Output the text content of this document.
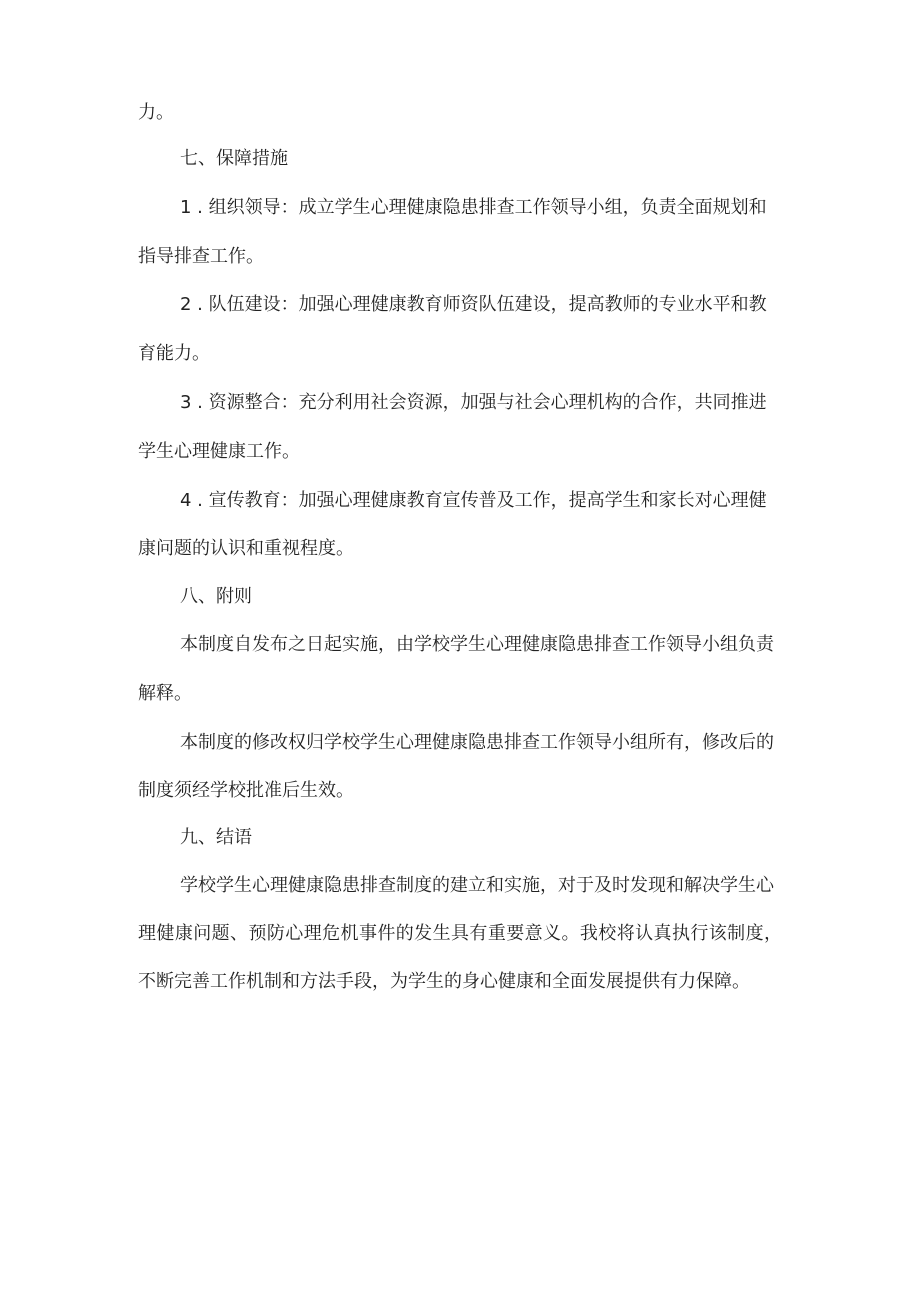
力。

七、保障措施

1 . 组织领导：成立学生心理健康隐患排查工作领导小组，负责全面规划和

指导排查工作。

2 . 队伍建设：加强心理健康教育师资队伍建设，提高教师的专业水平和教

育能力。

3 . 资源整合：充分利用社会资源，加强与社会心理机构的合作，共同推进

学生心理健康工作。

4 . 宣传教育：加强心理健康教育宣传普及工作，提高学生和家长对心理健

康问题的认识和重视程度。

八、附则

本制度自发布之日起实施，由学校学生心理健康隐患排查工作领导小组负责

解释。

本制度的修改权归学校学生心理健康隐患排查工作领导小组所有，修改后的

制度须经学校批准后生效。

九、结语

学校学生心理健康隐患排查制度的建立和实施，对于及时发现和解决学生心

理健康问题、预防心理危机事件的发生具有重要意义。我校将认真执行该制度，

不断完善工作机制和方法手段，为学生的身心健康和全面发展提供有力保障。
